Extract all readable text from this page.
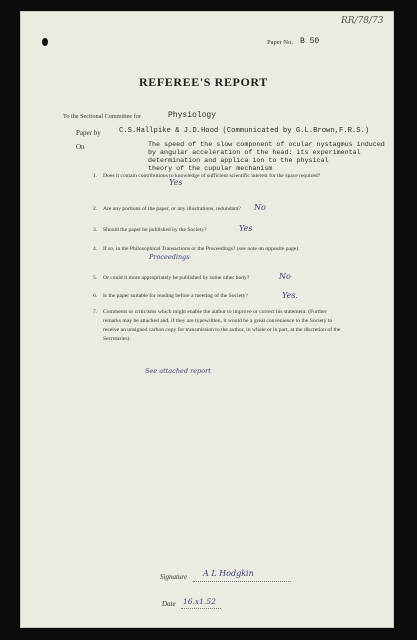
RR/78/73
Paper No. B 50
REFEREE'S REPORT
To the Sectional Committee for	Physiology
Paper by	C.S.Hallpike & J.D.Hood (Communicated by G.L.Brown,F.R.S.)
On	The speed of the slow component of ocular nystagmus induced
by angular acceleration of the head: its experimental
determination and applica ion to the physical
theory of the cupular mechanism
1. Does it contain contributions to knowledge of sufficient scientific interest for the space required?
Yes
2. Are any portions of the paper, or any illustrations, redundant?	No
3. Should the paper be published by the Society?	Yes
4. If so, in the Philosophical Transactions or the Proceedings? (see note on opposite page).
Proceedings
5. Or could it more appropriately be published by some other body?	No
6. Is the paper suitable for reading before a meeting of the Society?	Yes.
7. Comments or criticisms which might enable the author to improve or correct his statement. (Further remarks may be attached and, if they are typewritten, it would be a great convenience to the Society to receive an unsigned carbon copy for transmission to the author, in whole or in part, at the discretion of the Secretaries).
See attached report
Signature A L Hodgkin
Date 16.x1.52
